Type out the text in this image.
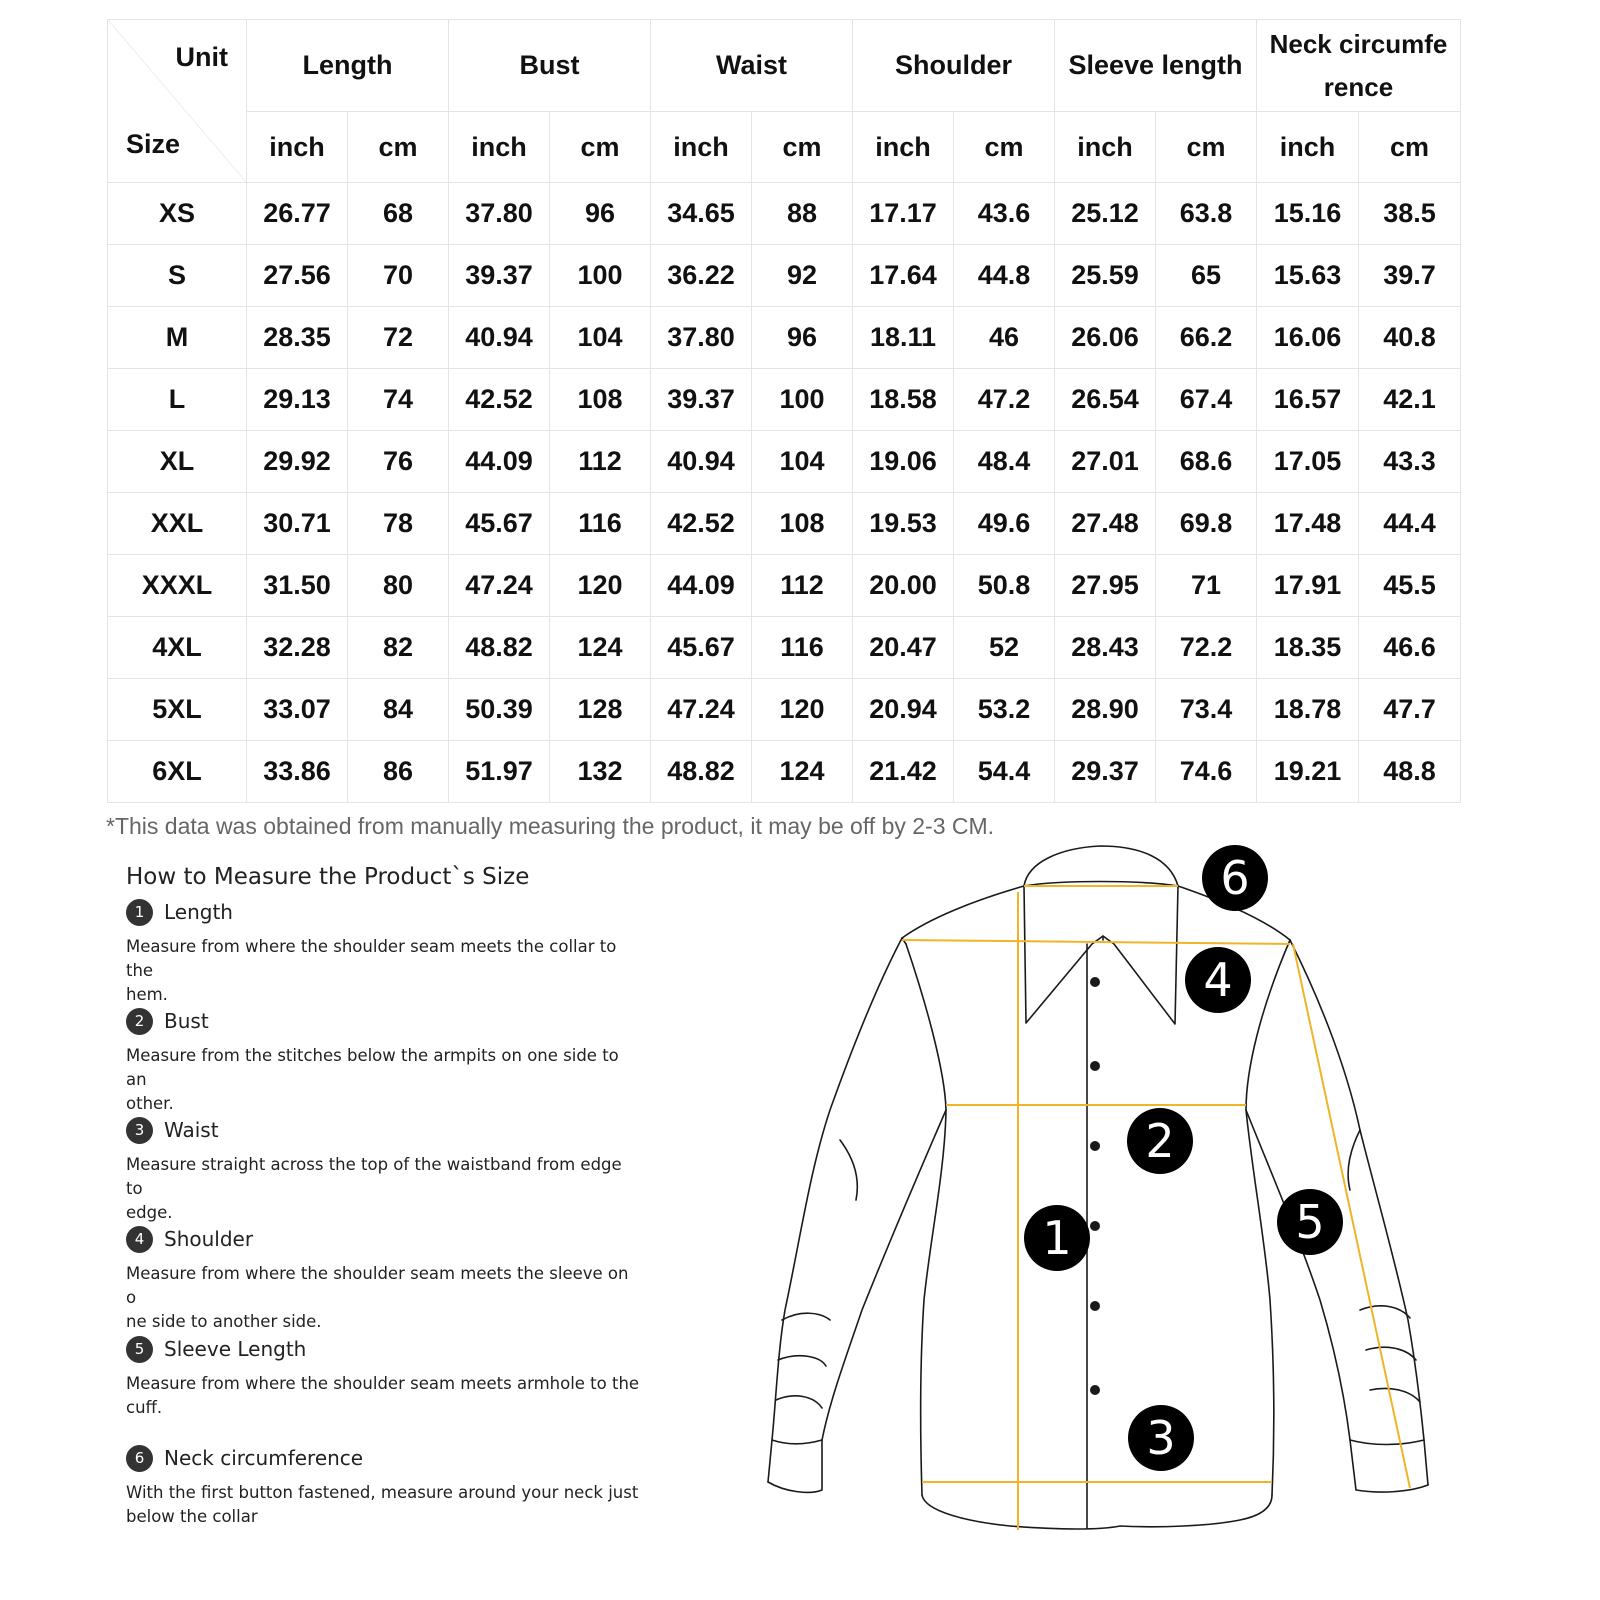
Unit
Size	Length		Bust		Waist		Shoulder		Sleeve length		Neck circumfe
rence	
	inch	cm	inch	cm	inch	cm	inch	cm	inch	cm	inch	cm
XS	26.77	68	37.80	96	34.65	88	17.17	43.6	25.12	63.8	15.16	38.5
S	27.56	70	39.37	100	36.22	92	17.64	44.8	25.59	65	15.63	39.7
M	28.35	72	40.94	104	37.80	96	18.11	46	26.06	66.2	16.06	40.8
L	29.13	74	42.52	108	39.37	100	18.58	47.2	26.54	67.4	16.57	42.1
XL	29.92	76	44.09	112	40.94	104	19.06	48.4	27.01	68.6	17.05	43.3
XXL	30.71	78	45.67	116	42.52	108	19.53	49.6	27.48	69.8	17.48	44.4
XXXL	31.50	80	47.24	120	44.09	112	20.00	50.8	27.95	71	17.91	45.5
4XL	32.28	82	48.82	124	45.67	116	20.47	52	28.43	72.2	18.35	46.6
5XL	33.07	84	50.39	128	47.24	120	20.94	53.2	28.90	73.4	18.78	47.7
6XL	33.86	86	51.97	132	48.82	124	21.42	54.4	29.37	74.6	19.21	48.8
*This data was obtained from manually measuring the product, it may be off by 2-3 CM.
How to Measure the Product`s Size
1 Length
Measure from where the shoulder seam meets the collar to the
hem.
2 Bust
Measure from the stitches below the armpits on one side to an
other.
3 Waist
Measure straight across the top of the waistband from edge to
edge.
4 Shoulder
Measure from where the shoulder seam meets the sleeve on o
ne side to another side.
5 Sleeve Length
Measure from where the shoulder seam meets armhole to the
cuff.
6 Neck circumference
With the first button fastened, measure around your neck just
below the collar
6
4
2
1	5
3
